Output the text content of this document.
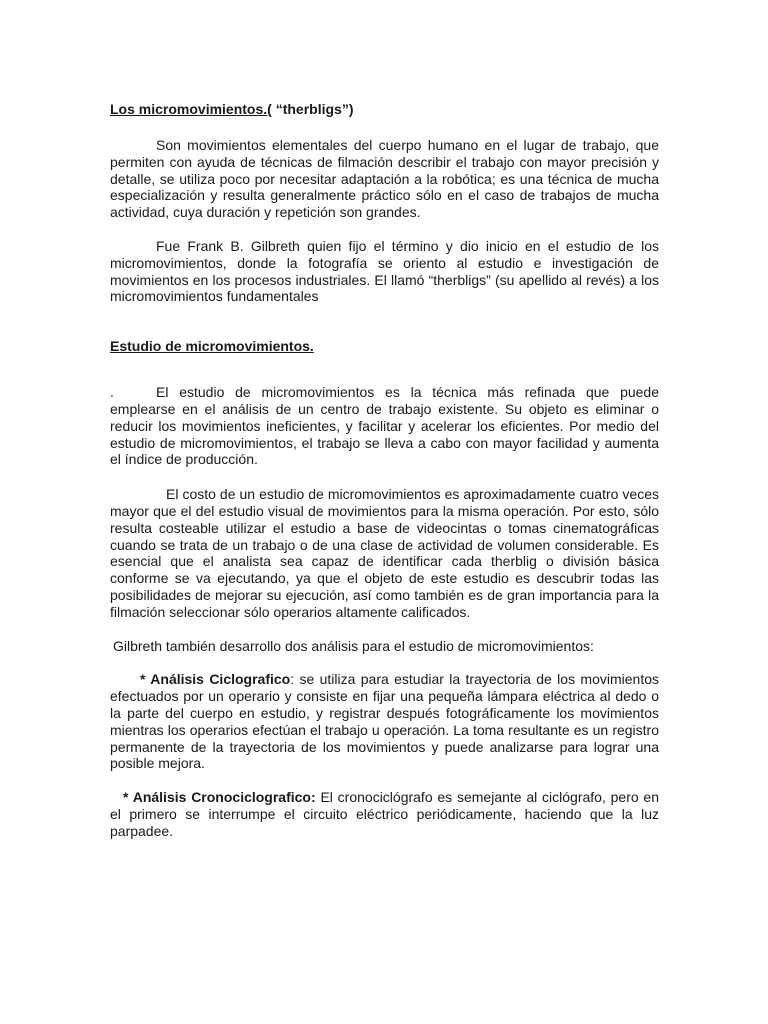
Los micromovimientos.( “therbligs”)

Son movimientos elementales del cuerpo humano en el lugar de trabajo, que permiten con ayuda de técnicas de filmación describir el trabajo con mayor precisión y detalle, se utiliza poco por necesitar adaptación a la robótica; es una técnica de mucha especialización y resulta generalmente práctico sólo en el caso de trabajos de mucha actividad, cuya duración y repetición son grandes.

Fue Frank B. Gilbreth quien fijo el término y dio inicio en el estudio de los micromovimientos, donde la fotografía se oriento al estudio e investigación de movimientos en los procesos industriales. El llamó “therbligs” (su apellido al revés) a los micromovimientos fundamentales

Estudio de micromovimientos.

.	El estudio de micromovimientos es la técnica más refinada que puede emplearse en el análisis de un centro de trabajo existente. Su objeto es eliminar o reducir los movimientos ineficientes, y facilitar y acelerar los eficientes. Por medio del estudio de micromovimientos, el trabajo se lleva a cabo con mayor facilidad y aumenta el índice de producción.

El costo de un estudio de micromovimientos es aproximadamente cuatro veces mayor que el del estudio visual de movimientos para la misma operación. Por esto, sólo resulta costeable utilizar el estudio a base de videocintas o tomas cinematográficas cuando se trata de un trabajo o de una clase de actividad de volumen considerable. Es esencial que el analista sea capaz de identificar cada therblig o división básica conforme se va ejecutando, ya que el objeto de este estudio es descubrir todas las posibilidades de mejorar su ejecución, así como también es de gran importancia para la filmación seleccionar sólo operarios altamente calificados.

Gilbreth también desarrollo dos análisis para el estudio de micromovimientos:

* Análisis Ciclografico: se utiliza para estudiar la trayectoria de los movimientos efectuados por un operario y consiste en fijar una pequeña lámpara eléctrica al dedo o la parte del cuerpo en estudio, y registrar después fotográficamente los movimientos mientras los operarios efectúan el trabajo u operación. La toma resultante es un registro permanente de la trayectoria de los movimientos y puede analizarse para lograr una posible mejora.

* Análisis Cronociclografico: El cronociclógrafo es semejante al ciclógrafo, pero en el primero se interrumpe el circuito eléctrico periódicamente, haciendo que la luz parpadee.
